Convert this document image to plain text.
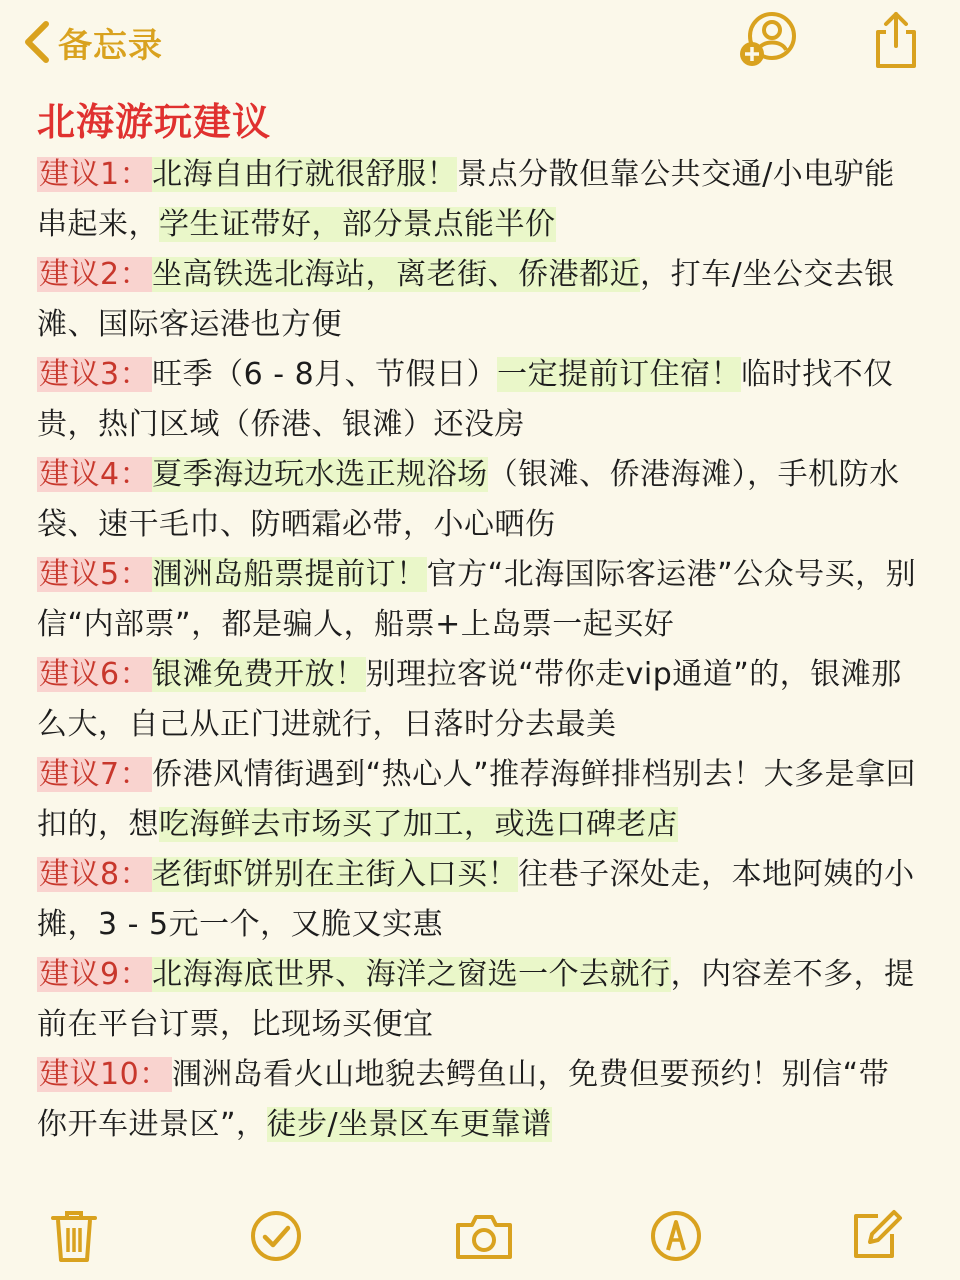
备忘录
北海游玩建议

建议1：北海自由行就很舒服！景点分散但靠公共交通/小电驴能串起来，学生证带好，部分景点能半价

建议2：坐高铁选北海站，离老街、侨港都近，打车/坐公交去银滩、国际客运港也方便

建议3：旺季（6 - 8月、节假日）一定提前订住宿！临时找不仅贵，热门区域（侨港、银滩）还没房

建议4：夏季海边玩水选正规浴场（银滩、侨港海滩），手机防水袋、速干毛巾、防晒霜必带，小心晒伤

建议5：涠洲岛船票提前订！官方“北海国际客运港”公众号买，别信“内部票”，都是骗人，船票+上岛票一起买好

建议6：银滩免费开放！别理拉客说“带你走vip通道”的，银滩那么大，自己从正门进就行，日落时分去最美

建议7：侨港风情街遇到“热心人”推荐海鲜排档别去！大多是拿回扣的，想吃海鲜去市场买了加工，或选口碑老店

建议8：老街虾饼别在主街入口买！往巷子深处走，本地阿姨的小摊，3 - 5元一个，又脆又实惠

建议9：北海海底世界、海洋之窗选一个去就行，内容差不多，提前在平台订票，比现场买便宜

建议10：涠洲岛看火山地貌去鳄鱼山，免费但要预约！别信“带你开车进景区”，徒步/坐景区车更靠谱
